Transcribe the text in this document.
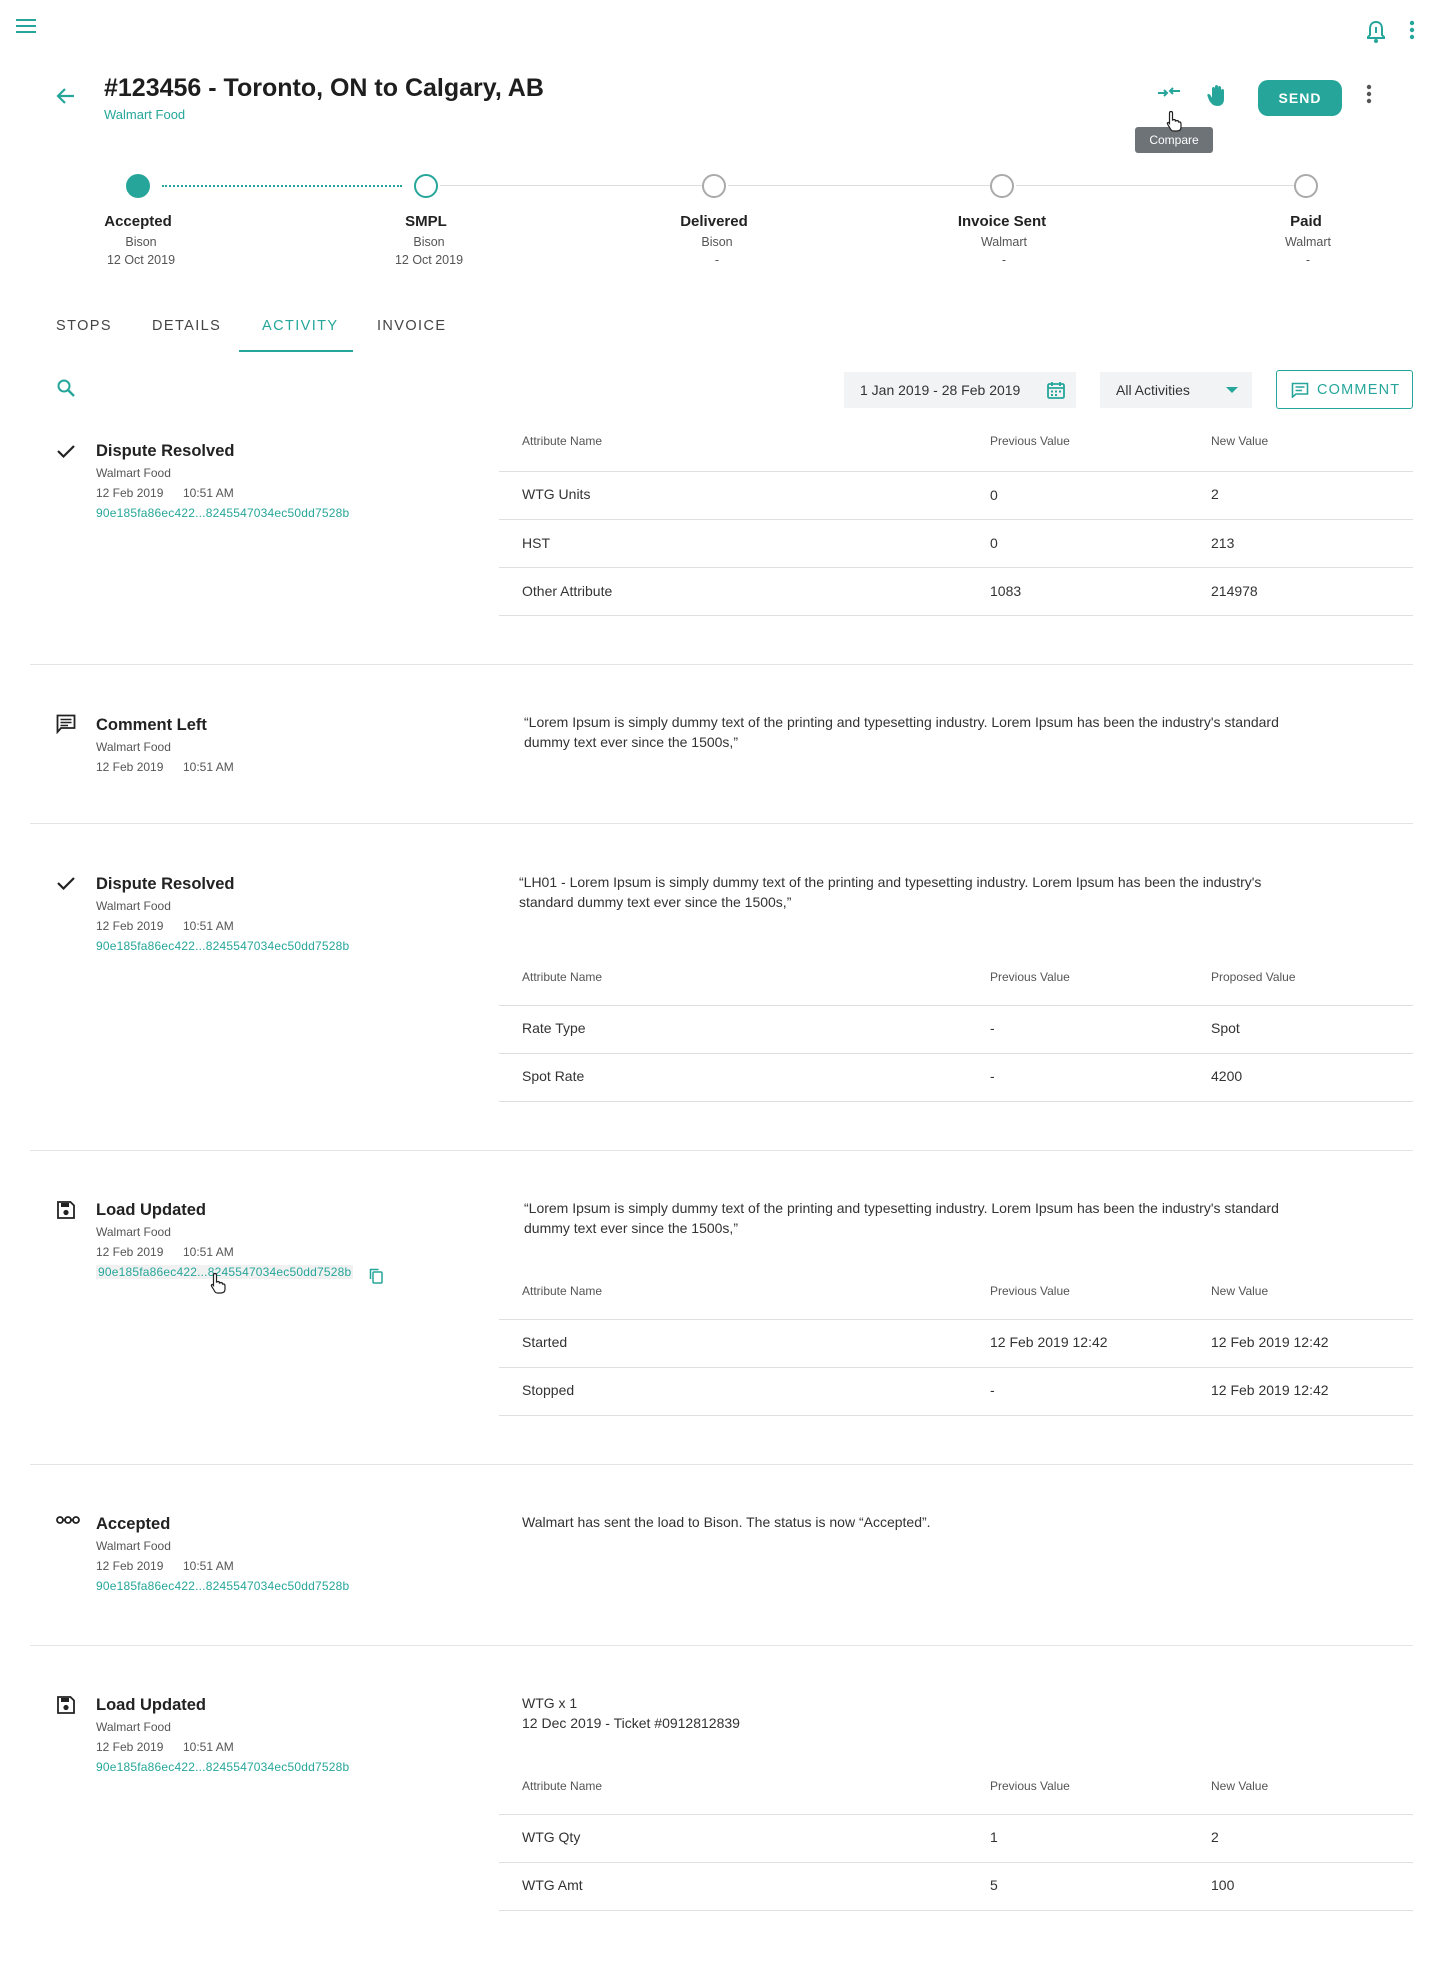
#123456 - Toronto, ON to Calgary, AB
Walmart Food
SEND
Compare
Accepted
Bison
12 Oct 2019
SMPL
Bison
12 Oct 2019
Delivered
Bison
-
Invoice Sent
Walmart
-
Paid
Walmart
-
STOPS	DETAILS	ACTIVITY	INVOICE
1 Jan 2019 - 28 Feb 2019	All Activities	COMMENT
Dispute Resolved
Walmart Food
12 Feb 2019 10:51 AM
90e185fa86ec422...8245547034ec50dd7528b
Attribute Name	Previous Value	New Value
WTG Units	0	2
HST	0	213
Other Attribute	1083	214978
Comment Left
Walmart Food
12 Feb 2019 10:51 AM
“Lorem Ipsum is simply dummy text of the printing and typesetting industry. Lorem Ipsum has been the industry's standard
dummy text ever since the 1500s,”
Dispute Resolved
Walmart Food
12 Feb 2019 10:51 AM
90e185fa86ec422...8245547034ec50dd7528b
“LH01 - Lorem Ipsum is simply dummy text of the printing and typesetting industry. Lorem Ipsum has been the industry's
standard dummy text ever since the 1500s,”
Attribute Name	Previous Value	Proposed Value
Rate Type	-	Spot
Spot Rate	-	4200
Load Updated
Walmart Food
12 Feb 2019 10:51 AM
90e185fa86ec422...8245547034ec50dd7528b
“Lorem Ipsum is simply dummy text of the printing and typesetting industry. Lorem Ipsum has been the industry's standard
dummy text ever since the 1500s,”
Attribute Name	Previous Value	New Value
Started	12 Feb 2019 12:42	12 Feb 2019 12:42
Stopped	-	12 Feb 2019 12:42
Accepted
Walmart Food
12 Feb 2019 10:51 AM
90e185fa86ec422...8245547034ec50dd7528b
Walmart has sent the load to Bison. The status is now “Accepted”.
Load Updated
Walmart Food
12 Feb 2019 10:51 AM
90e185fa86ec422...8245547034ec50dd7528b
WTG x 1
12 Dec 2019 - Ticket #0912812839
Attribute Name	Previous Value	New Value
WTG Qty	1	2
WTG Amt	5	100
